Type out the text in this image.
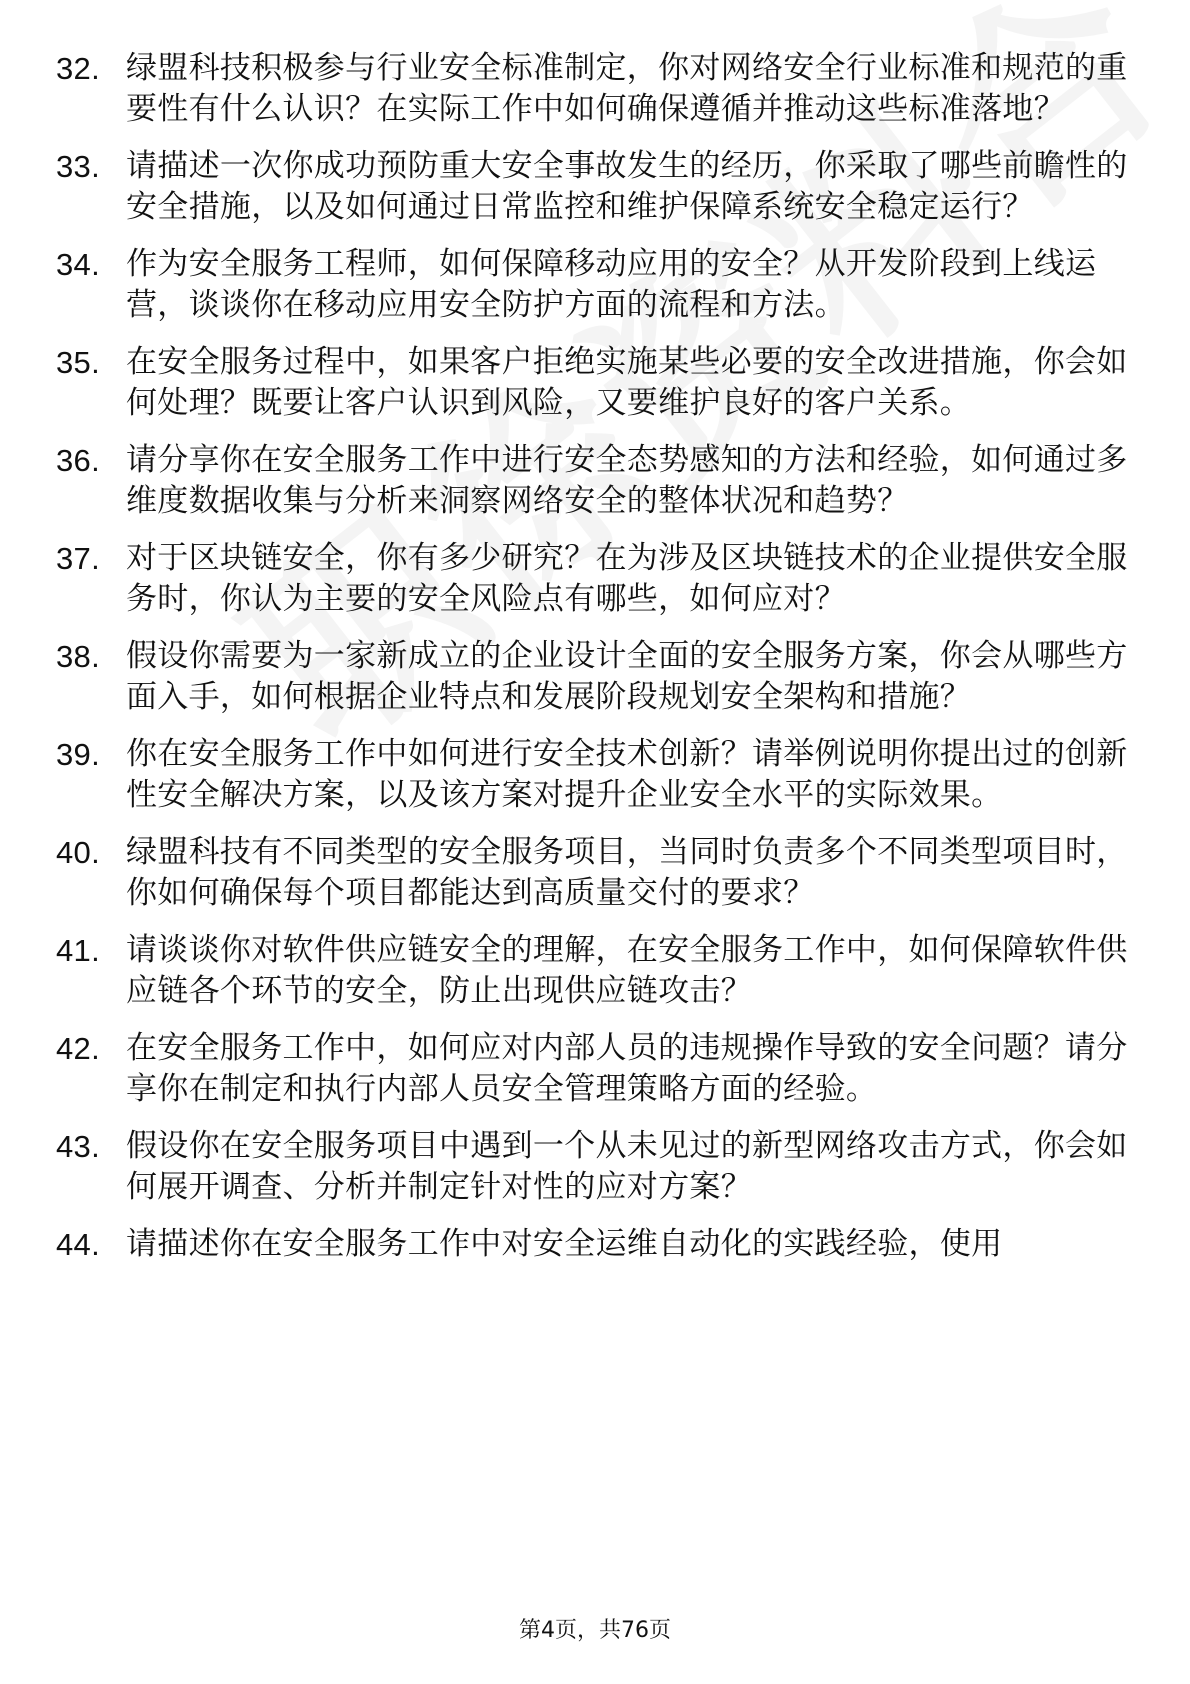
32. 绿盟科技积极参与行业安全标准制定，你对网络安全行业标准和规范的重要性有什么认识？在实际工作中如何确保遵循并推动这些标准落地？
33. 请描述一次你成功预防重大安全事故发生的经历，你采取了哪些前瞻性的安全措施，以及如何通过日常监控和维护保障系统安全稳定运行？
34. 作为安全服务工程师，如何保障移动应用的安全？从开发阶段到上线运营，谈谈你在移动应用安全防护方面的流程和方法。
35. 在安全服务过程中，如果客户拒绝实施某些必要的安全改进措施，你会如何处理？既要让客户认识到风险，又要维护良好的客户关系。
36. 请分享你在安全服务工作中进行安全态势感知的方法和经验，如何通过多维度数据收集与分析来洞察网络安全的整体状况和趋势？
37. 对于区块链安全，你有多少研究？在为涉及区块链技术的企业提供安全服务时，你认为主要的安全风险点有哪些，如何应对？
38. 假设你需要为一家新成立的企业设计全面的安全服务方案，你会从哪些方面入手，如何根据企业特点和发展阶段规划安全架构和措施？
39. 你在安全服务工作中如何进行安全技术创新？请举例说明你提出过的创新性安全解决方案，以及该方案对提升企业安全水平的实际效果。
40. 绿盟科技有不同类型的安全服务项目，当同时负责多个不同类型项目时，你如何确保每个项目都能达到高质量交付的要求？
41. 请谈谈你对软件供应链安全的理解，在安全服务工作中，如何保障软件供应链各个环节的安全，防止出现供应链攻击？
42. 在安全服务工作中，如何应对内部人员的违规操作导致的安全问题？请分享你在制定和执行内部人员安全管理策略方面的经验。
43. 假设你在安全服务项目中遇到一个从未见过的新型网络攻击方式，你会如何展开调查、分析并制定针对性的应对方案？
44. 请描述你在安全服务工作中对安全运维自动化的实践经验，使用
第4页，共76页
